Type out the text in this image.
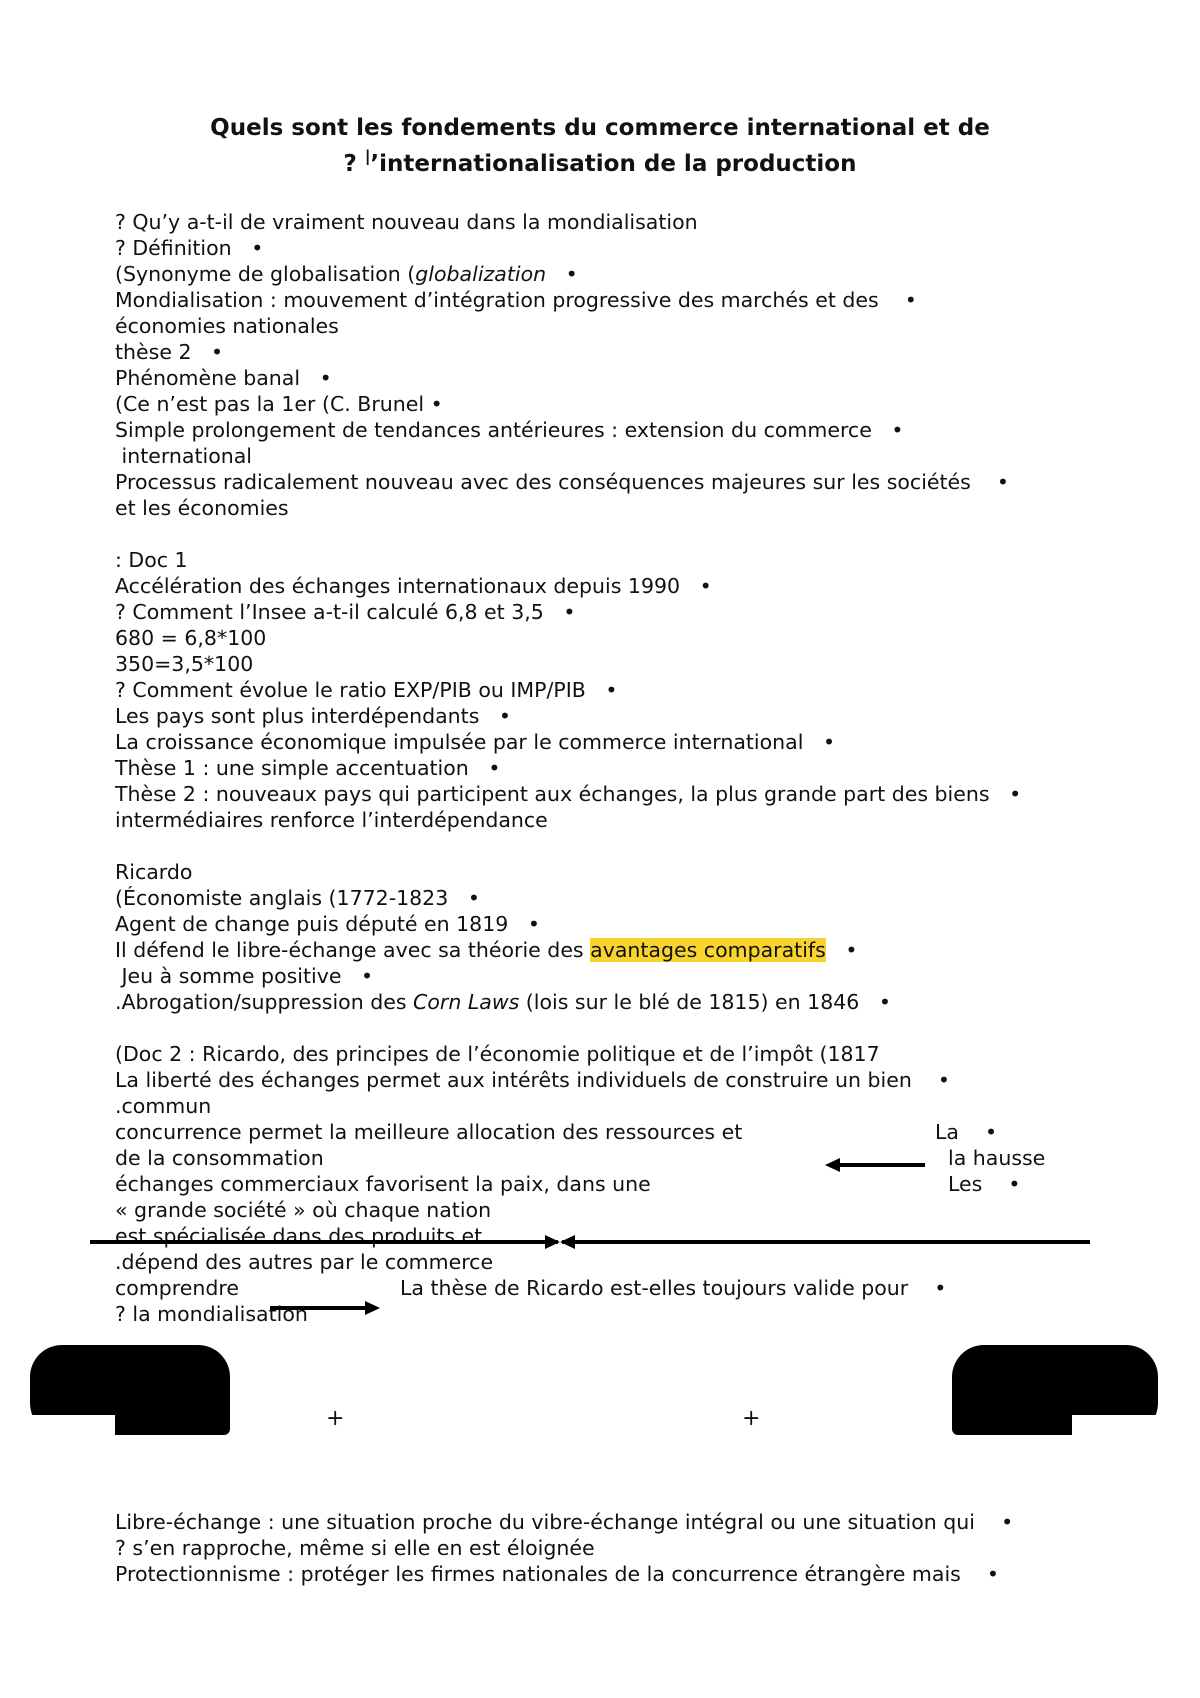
Quels sont les fondements du commerce international et de
? l’internationalisation de la production
? Qu’y a-t-il de vraiment nouveau dans la mondialisation
? Définition   •
(Synonyme de globalisation (globalization   •
Mondialisation : mouvement d’intégration progressive des marchés et des    •
économies nationales
thèse 2   •
Phénomène banal   •
(Ce n’est pas la 1er (C. Brunel •
Simple prolongement de tendances antérieures : extension du commerce   •
international
Processus radicalement nouveau avec des conséquences majeures sur les sociétés    •
et les économies
: Doc 1
Accélération des échanges internationaux depuis 1990   •
? Comment l’Insee a-t-il calculé 6,8 et 3,5   •
680 = 6,8*100
350=3,5*100
? Comment évolue le ratio EXP/PIB ou IMP/PIB   •
Les pays sont plus interdépendants   •
La croissance économique impulsée par le commerce international   •
Thèse 1 : une simple accentuation   •
Thèse 2 : nouveaux pays qui participent aux échanges, la plus grande part des biens   •
intermédiaires renforce l’interdépendance
Ricardo
(Économiste anglais (1772-1823   •
Agent de change puis député en 1819   •
Il défend le libre-échange avec sa théorie des avantages comparatifs   •
Jeu à somme positive   •
.Abrogation/suppression des Corn Laws (lois sur le blé de 1815) en 1846   •
(Doc 2 : Ricardo, des principes de l’économie politique et de l’impôt (1817
La liberté des échanges permet aux intérêts individuels de construire un bien    •
.commun
concurrence permet la meilleure allocation des ressources et
de la consommation
échanges commerciaux favorisent la paix, dans une
« grande société » où chaque nation
est spécialisée dans des produits et
.dépend des autres par le commerce
comprendre
? la mondialisation
La    •
la hausse
Les    •
La thèse de Ricardo est-elles toujours valide pour    •
+	+
Libre-échange : une situation proche du vibre-échange intégral ou une situation qui    •
? s’en rapproche, même si elle en est éloignée
Protectionnisme : protéger les firmes nationales de la concurrence étrangère mais    •
